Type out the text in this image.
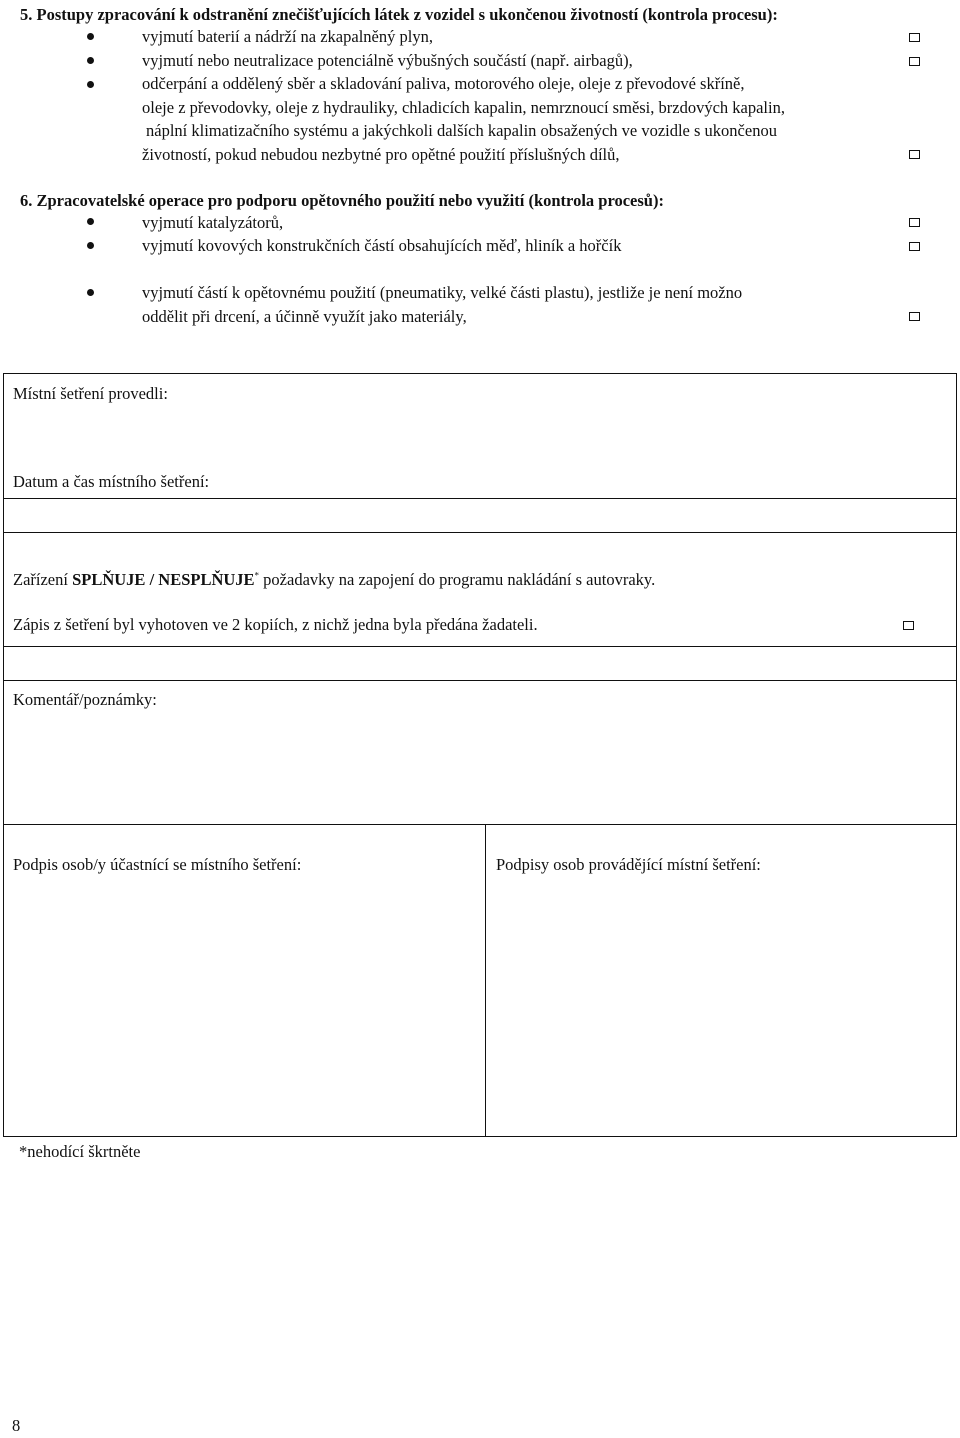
5. Postupy zpracování k odstranění znečišťujících látek z vozidel s ukončenou životností (kontrola procesu):
vyjmutí baterií a nádrží na zkapalněný plyn,
vyjmutí nebo neutralizace potenciálně výbušných součástí (např. airbagů),
odčerpání a oddělený sběr a skladování paliva, motorového oleje, oleje z převodové skříně,
oleje z převodovky, oleje z hydrauliky, chladicích kapalin, nemrznoucí směsi, brzdových kapalin,
náplní klimatizačního systému a jakýchkoli dalších kapalin obsažených ve vozidle s ukončenou
životností, pokud nebudou nezbytné pro opětné použití příslušných dílů,
6. Zpracovatelské operace pro podporu opětovného použití nebo využití (kontrola procesů):
vyjmutí katalyzátorů,
vyjmutí kovových konstrukčních částí obsahujících měď, hliník a hořčík
vyjmutí částí k opětovnému použití (pneumatiky, velké části plastu), jestliže je není možno
oddělit při drcení, a účinně využít jako materiály,
Místní šetření provedli:
Datum a čas místního šetření:
Zařízení SPLŇUJE / NESPLŇUJE* požadavky na zapojení do programu nakládání s autovraky.
Zápis z šetření byl vyhotoven ve 2 kopiích, z nichž jedna byla předána žadateli.
Komentář/poznámky:
Podpis osob/y účastnící se místního šetření:	Podpisy osob provádějící místní šetření:
*nehodící škrtněte
8
